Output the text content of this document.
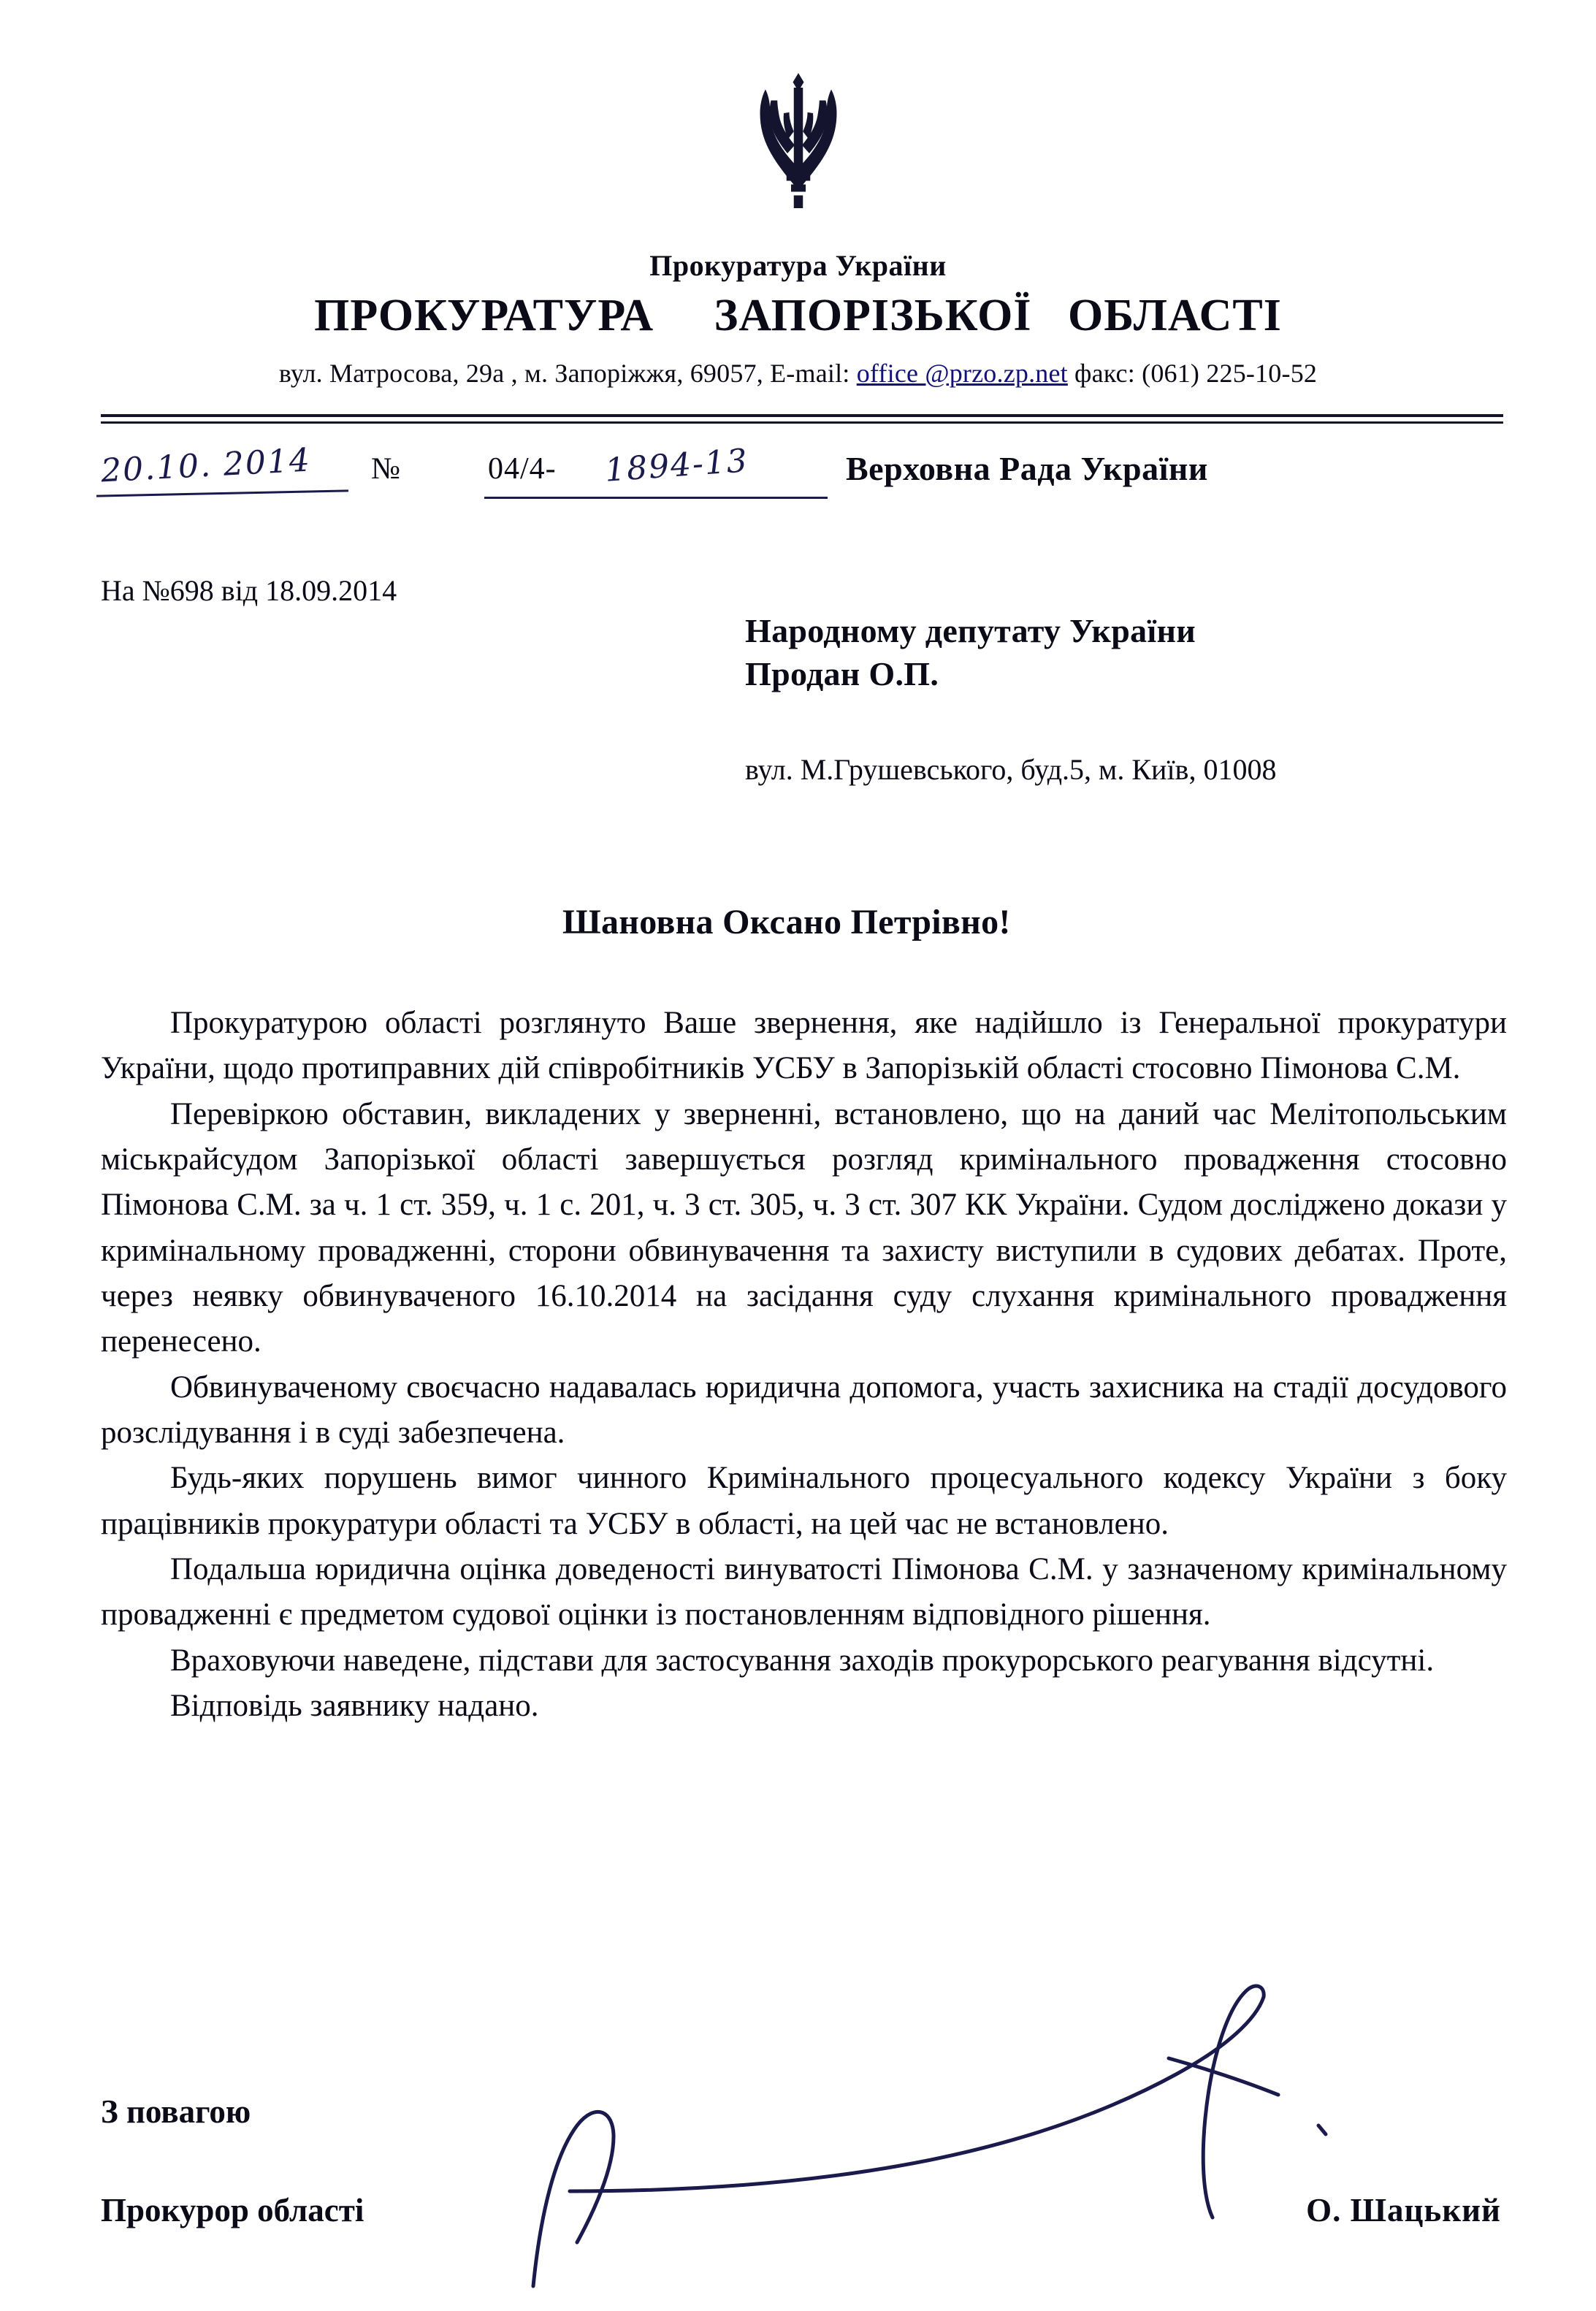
Прокуратура України
ПРОКУРАТУРА     ЗАПОРІЗЬКОЇ   ОБЛАСТІ
вул. Матросова, 29а , м. Запоріжжя, 69057, E-mail: office @przo.zp.net факс: (061) 225-10-52
20.10. 2014 №	04/4- 1894-13	Верховна Рада України
На №698 від 18.09.2014
Народному депутату України
Продан О.П.
вул. М.Грушевського, буд.5, м. Київ, 01008
Шановна Оксано Петрівно!

Прокуратурою області розглянуто Ваше звернення, яке надійшло із Генеральної прокуратури України, щодо протиправних дій співробітників УСБУ в Запорізькій області стосовно Пімонова С.М.

Перевіркою обставин, викладених у зверненні, встановлено, що на даний час Мелітопольським міськрайсудом Запорізької області завершується розгляд кримінального провадження стосовно Пімонова С.М. за ч. 1 ст. 359, ч. 1 с. 201, ч. 3 ст. 305, ч. 3 ст. 307 КК України. Судом досліджено докази у кримінальному провадженні, сторони обвинувачення та захисту виступили в судових дебатах. Проте, через неявку обвинуваченого 16.10.2014 на засідання суду слухання кримінального провадження перенесено.

Обвинуваченому своєчасно надавалась юридична допомога, участь захисника на стадії досудового розслідування і в суді забезпечена.

Будь-яких порушень вимог чинного Кримінального процесуального кодексу України з боку працівників прокуратури області та УСБУ в області, на цей час не встановлено.

Подальша юридична оцінка доведеності винуватості Пімонова С.М. у зазначеному кримінальному провадженні є предметом судової оцінки із постановленням відповідного рішення.

Враховуючи наведене, підстави для застосування заходів прокурорського реагування відсутні.

Відповідь заявнику надано.

З повагою
Прокурор області	О. Шацький
